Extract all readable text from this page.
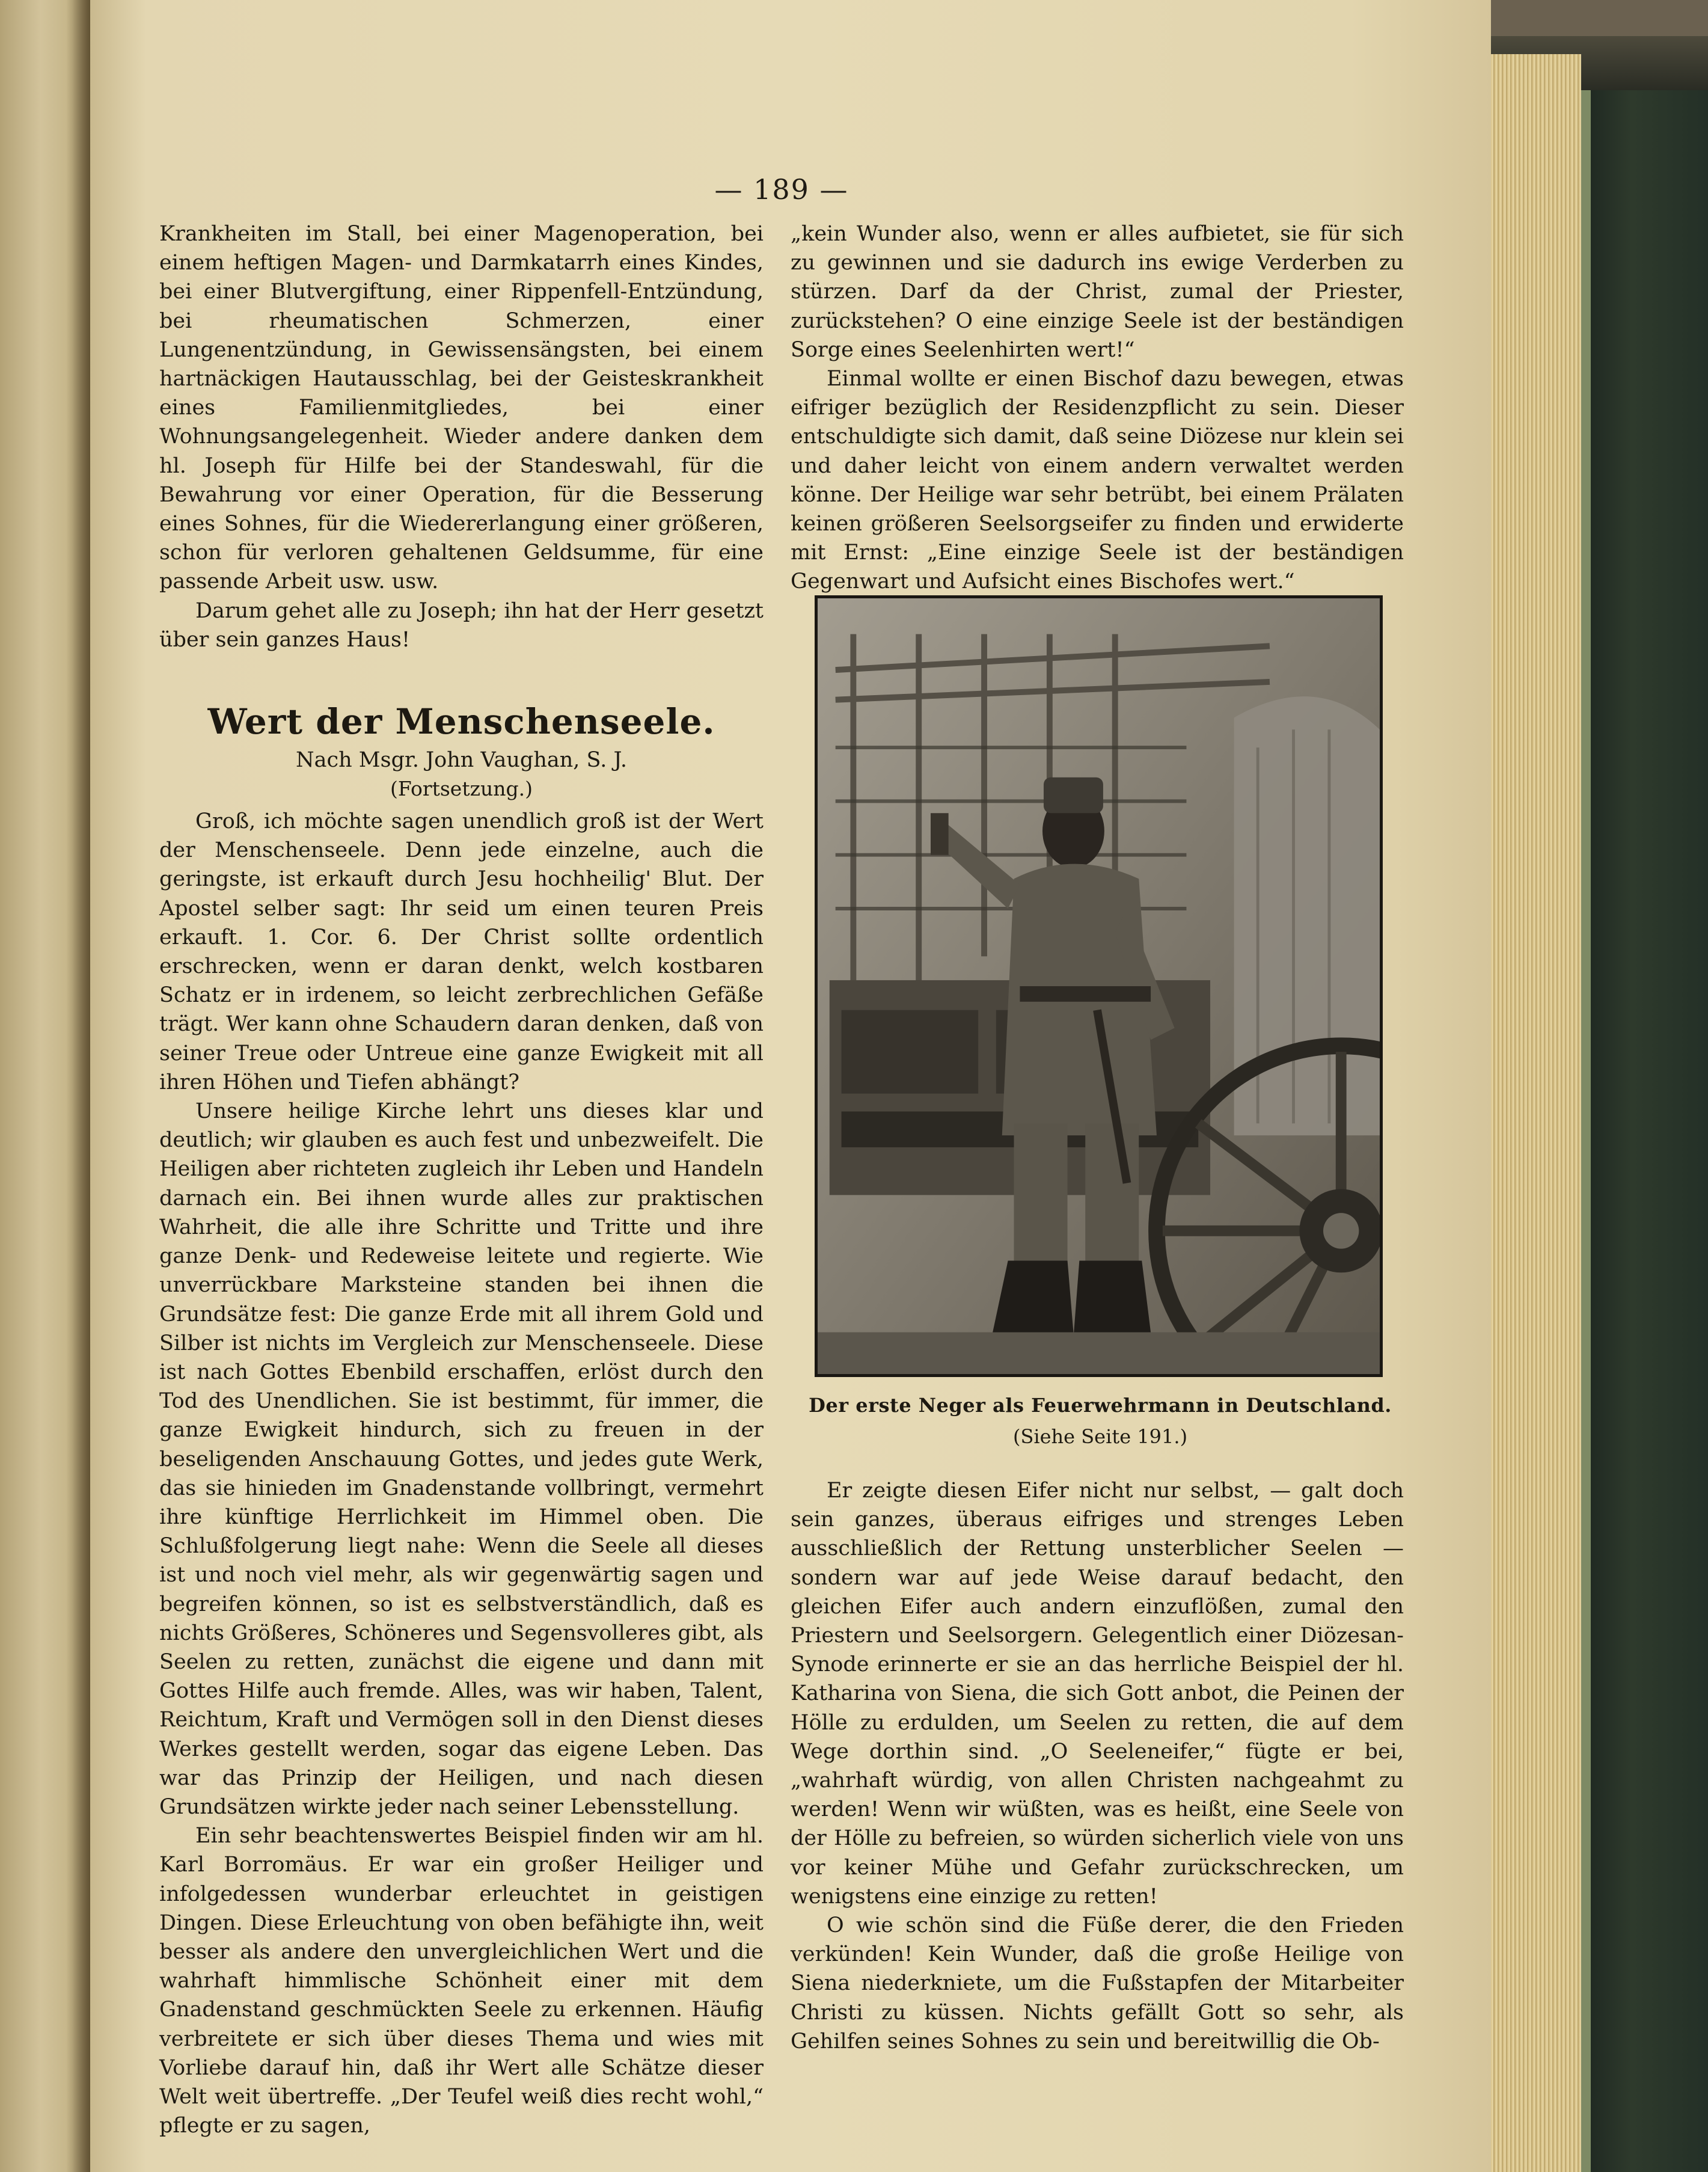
— 189 —

Krankheiten im Stall, bei einer Magenoperation, bei einem heftigen Magen- und Darmkatarrh eines Kindes, bei einer Blutvergiftung, einer Rippenfell-Entzündung, bei rheumatischen Schmerzen, einer Lungenentzündung, in Gewissensängsten, bei einem hartnäckigen Hautausschlag, bei der Geisteskrankheit eines Familienmitgliedes, bei einer Wohnungsangelegenheit. Wieder andere danken dem hl. Joseph für Hilfe bei der Standeswahl, für die Bewahrung vor einer Operation, für die Besserung eines Sohnes, für die Wiedererlangung einer größeren, schon für verloren gehaltenen Geldsumme, für eine passende Arbeit usw. usw.

Darum gehet alle zu Joseph; ihn hat der Herr gesetzt über sein ganzes Haus!

Wert der Menschenseele.

Nach Msgr. John Vaughan, S. J.

(Fortsetzung.)

Groß, ich möchte sagen unendlich groß ist der Wert der Menschenseele. Denn jede einzelne, auch die geringste, ist erkauft durch Jesu hochheilig' Blut. Der Apostel selber sagt: Ihr seid um einen teuren Preis erkauft. 1. Cor. 6. Der Christ sollte ordentlich erschrecken, wenn er daran denkt, welch kostbaren Schatz er in irdenem, so leicht zerbrechlichen Gefäße trägt. Wer kann ohne Schaudern daran denken, daß von seiner Treue oder Untreue eine ganze Ewigkeit mit all ihren Höhen und Tiefen abhängt?

Unsere heilige Kirche lehrt uns dieses klar und deutlich; wir glauben es auch fest und unbezweifelt. Die Heiligen aber richteten zugleich ihr Leben und Handeln darnach ein. Bei ihnen wurde alles zur praktischen Wahrheit, die alle ihre Schritte und Tritte und ihre ganze Denk- und Redeweise leitete und regierte. Wie unverrückbare Marksteine standen bei ihnen die Grundsätze fest: Die ganze Erde mit all ihrem Gold und Silber ist nichts im Vergleich zur Menschenseele. Diese ist nach Gottes Ebenbild erschaffen, erlöst durch den Tod des Unendlichen. Sie ist bestimmt, für immer, die ganze Ewigkeit hindurch, sich zu freuen in der beseligenden Anschauung Gottes, und jedes gute Werk, das sie hinieden im Gnadenstande vollbringt, vermehrt ihre künftige Herrlichkeit im Himmel oben. Die Schlußfolgerung liegt nahe: Wenn die Seele all dieses ist und noch viel mehr, als wir gegenwärtig sagen und begreifen können, so ist es selbstverständlich, daß es nichts Größeres, Schöneres und Segensvolleres gibt, als Seelen zu retten, zunächst die eigene und dann mit Gottes Hilfe auch fremde. Alles, was wir haben, Talent, Reichtum, Kraft und Vermögen soll in den Dienst dieses Werkes gestellt werden, sogar das eigene Leben. Das war das Prinzip der Heiligen, und nach diesen Grundsätzen wirkte jeder nach seiner Lebensstellung.

Ein sehr beachtenswertes Beispiel finden wir am hl. Karl Borromäus. Er war ein großer Heiliger und infolgedessen wunderbar erleuchtet in geistigen Dingen. Diese Erleuchtung von oben befähigte ihn, weit besser als andere den unvergleichlichen Wert und die wahrhaft himmlische Schönheit einer mit dem Gnadenstand geschmückten Seele zu erkennen. Häufig verbreitete er sich über dieses Thema und wies mit Vorliebe darauf hin, daß ihr Wert alle Schätze dieser Welt weit übertreffe. „Der Teufel weiß dies recht wohl,“ pflegte er zu sagen,

„kein Wunder also, wenn er alles aufbietet, sie für sich zu gewinnen und sie dadurch ins ewige Verderben zu stürzen. Darf da der Christ, zumal der Priester, zurückstehen? O eine einzige Seele ist der beständigen Sorge eines Seelenhirten wert!“

Einmal wollte er einen Bischof dazu bewegen, etwas eifriger bezüglich der Residenzpflicht zu sein. Dieser entschuldigte sich damit, daß seine Diözese nur klein sei und daher leicht von einem andern verwaltet werden könne. Der Heilige war sehr betrübt, bei einem Prälaten keinen größeren Seelsorgseifer zu finden und erwiderte mit Ernst: „Eine einzige Seele ist der beständigen Gegenwart und Aufsicht eines Bischofes wert.“

Der erste Neger als Feuerwehrmann in Deutschland.
(Siehe Seite 191.)

Er zeigte diesen Eifer nicht nur selbst, — galt doch sein ganzes, überaus eifriges und strenges Leben ausschließlich der Rettung unsterblicher Seelen — sondern war auf jede Weise darauf bedacht, den gleichen Eifer auch andern einzuflößen, zumal den Priestern und Seelsorgern. Gelegentlich einer Diözesan-Synode erinnerte er sie an das herrliche Beispiel der hl. Katharina von Siena, die sich Gott anbot, die Peinen der Hölle zu erdulden, um Seelen zu retten, die auf dem Wege dorthin sind. „O Seeleneifer,“ fügte er bei, „wahrhaft würdig, von allen Christen nachgeahmt zu werden! Wenn wir wüßten, was es heißt, eine Seele von der Hölle zu befreien, so würden sicherlich viele von uns vor keiner Mühe und Gefahr zurückschrecken, um wenigstens eine einzige zu retten!

O wie schön sind die Füße derer, die den Frieden verkünden! Kein Wunder, daß die große Heilige von Siena niederkniete, um die Fußstapfen der Mitarbeiter Christi zu küssen. Nichts gefällt Gott so sehr, als Gehilfen seines Sohnes zu sein und bereitwillig die Ob-
